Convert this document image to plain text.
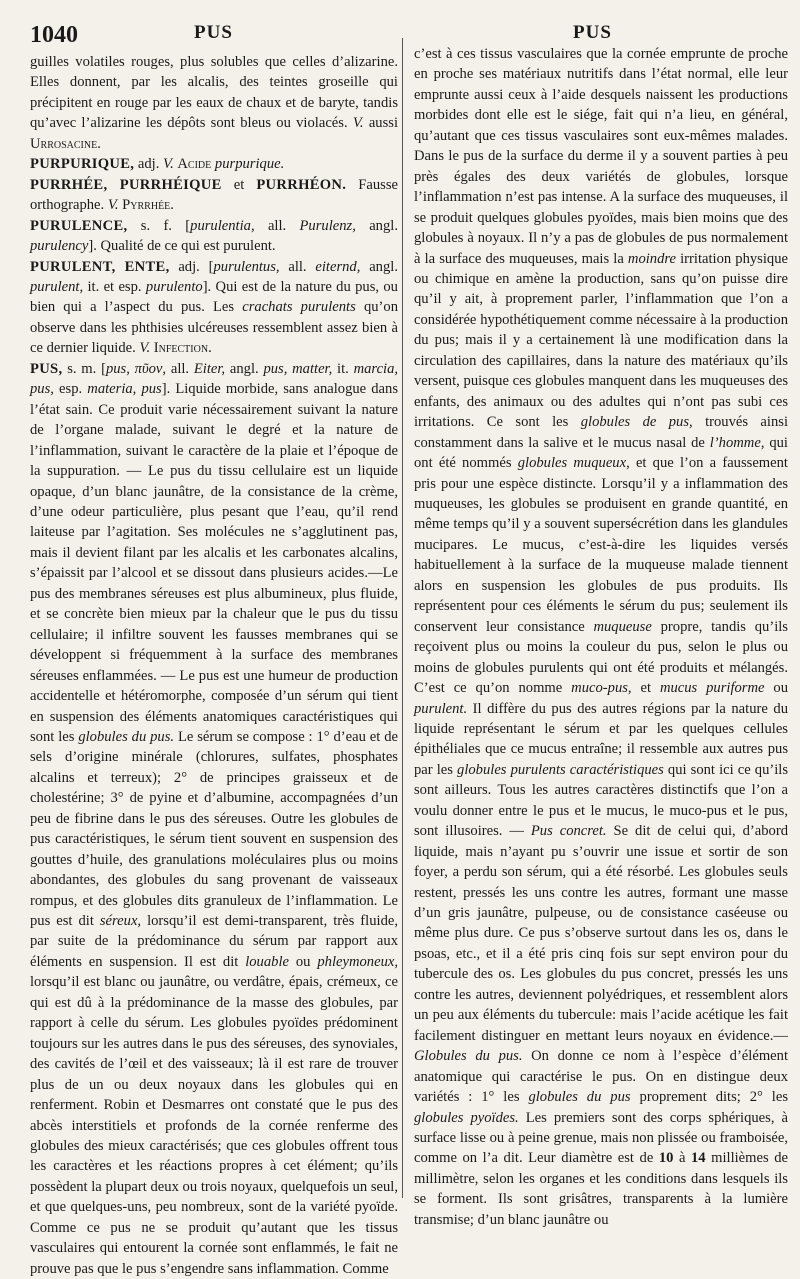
1040	PUS	PUS

guilles volatiles rouges, plus solubles que celles d’alizarine. Elles donnent, par les alcalis, des teintes groseille qui précipitent en rouge par les eaux de chaux et de baryte, tandis qu’avec l’alizarine les dépôts sont bleus ou violacés. V. aussi Urrosacine.

PURPURIQUE, adj. V. Acide purpurique.

PURRHÉE, PURRHÉIQUE et PURRHÉON. Fausse orthographe. V. Pyrrhée.

PURULENCE, s. f. [purulentia, all. Purulenz, angl. purulency]. Qualité de ce qui est purulent.

PURULENT, ENTE, adj. [purulentus, all. eiternd, angl. purulent, it. et esp. purulento]. Qui est de la nature du pus, ou bien qui a l’aspect du pus. Les crachats purulents qu’on observe dans les phthisies ulcéreuses ressemblent assez bien à ce dernier liquide. V. Infection.

PUS, s. m. [pus, πῦον, all. Eiter, angl. pus, matter, it. marcia, pus, esp. materia, pus]. Liquide morbide, sans analogue dans l’état sain. Ce produit varie nécessairement suivant la nature de l’organe malade, suivant le degré et la nature de l’inflammation, suivant le caractère de la plaie et l’époque de la suppuration. — Le pus du tissu cellulaire est un liquide opaque, d’un blanc jaunâtre, de la consistance de la crème, d’une odeur particulière, plus pesant que l’eau, qu’il rend laiteuse par l’agitation. Ses molécules ne s’agglutinent pas, mais il devient filant par les alcalis et les carbonates alcalins, s’épaissit par l’alcool et se dissout dans plusieurs acides.—Le pus des membranes séreuses est plus albumineux, plus fluide, et se concrète bien mieux par la chaleur que le pus du tissu cellulaire; il infiltre souvent les fausses membranes qui se développent si fréquemment à la surface des membranes séreuses enflammées. — Le pus est une humeur de production accidentelle et hétéromorphe, composée d’un sérum qui tient en suspension des éléments anatomiques caractéristiques qui sont les globules du pus. Le sérum se compose : 1° d’eau et de sels d’origine minérale (chlorures, sulfates, phosphates alcalins et terreux); 2° de principes graisseux et de cholestérine; 3° de pyine et d’albumine, accompagnées d’un peu de fibrine dans le pus des séreuses. Outre les globules de pus caractéristiques, le sérum tient souvent en suspension des gouttes d’huile, des granulations moléculaires plus ou moins abondantes, des globules du sang provenant de vaisseaux rompus, et des globules dits granuleux de l’inflammation. Le pus est dit séreux, lorsqu’il est demi-transparent, très fluide, par suite de la prédominance du sérum par rapport aux éléments en suspension. Il est dit louable ou phleymoneux, lorsqu’il est blanc ou jaunâtre, ou verdâtre, épais, crémeux, ce qui est dû à la prédominance de la masse des globules, par rapport à celle du sérum. Les globules pyoïdes prédominent toujours sur les autres dans le pus des séreuses, des synoviales, des cavités de l’œil et des vaisseaux; là il est rare de trouver plus de un ou deux noyaux dans les globules qui en renferment. Robin et Desmarres ont constaté que le pus des abcès interstitiels et profonds de la cornée renferme des globules des mieux caractérisés; que ces globules offrent tous les caractères et les réactions propres à cet élément; qu’ils possèdent la plupart deux ou trois noyaux, quelquefois un seul, et que quelques-uns, peu nombreux, sont de la variété pyoïde. Comme ce pus ne se produit qu’autant que les tissus vasculaires qui entourent la cornée sont enflammés, le fait ne prouve pas que le pus s’engendre sans inflammation. Comme

c’est à ces tissus vasculaires que la cornée emprunte de proche en proche ses matériaux nutritifs dans l’état normal, elle leur emprunte aussi ceux à l’aide desquels naissent les productions morbides dont elle est le siége, fait qui n’a lieu, en général, qu’autant que ces tissus vasculaires sont eux-mêmes malades. Dans le pus de la surface du derme il y a souvent parties à peu près égales des deux variétés de globules, lorsque l’inflammation n’est pas intense. A la surface des muqueuses, il se produit quelques globules pyoïdes, mais bien moins que des globules à noyaux. Il n’y a pas de globules de pus normalement à la surface des muqueuses, mais la moindre irritation physique ou chimique en amène la production, sans qu’on puisse dire qu’il y ait, à proprement parler, l’inflammation que l’on a considérée hypothétiquement comme nécessaire à la production du pus; mais il y a certainement là une modification dans la circulation des capillaires, dans la nature des matériaux qu’ils versent, puisque ces globules manquent dans les muqueuses des enfants, des animaux ou des adultes qui n’ont pas subi ces irritations. Ce sont les globules de pus, trouvés ainsi constamment dans la salive et le mucus nasal de l’homme, qui ont été nommés globules muqueux, et que l’on a faussement pris pour une espèce distincte. Lorsqu’il y a inflammation des muqueuses, les globules se produisent en grande quantité, en même temps qu’il y a souvent supersécrétion dans les glandules mucipares. Le mucus, c’est-à-dire les liquides versés habituellement à la surface de la muqueuse malade tiennent alors en suspension les globules de pus produits. Ils représentent pour ces éléments le sérum du pus; seulement ils conservent leur consistance muqueuse propre, tandis qu’ils reçoivent plus ou moins la couleur du pus, selon le plus ou moins de globules purulents qui ont été produits et mélangés. C’est ce qu’on nomme muco-pus, et mucus puriforme ou purulent. Il diffère du pus des autres régions par la nature du liquide représentant le sérum et par les quelques cellules épithéliales que ce mucus entraîne; il ressemble aux autres pus par les globules purulents caractéristiques qui sont ici ce qu’ils sont ailleurs. Tous les autres caractères distinctifs que l’on a voulu donner entre le pus et le mucus, le muco-pus et le pus, sont illusoires. — Pus concret. Se dit de celui qui, d’abord liquide, mais n’ayant pu s’ouvrir une issue et sortir de son foyer, a perdu son sérum, qui a été résorbé. Les globules seuls restent, pressés les uns contre les autres, formant une masse d’un gris jaunâtre, pulpeuse, ou de consistance caséeuse ou même plus dure. Ce pus s’observe surtout dans les os, dans le psoas, etc., et il a été pris cinq fois sur sept environ pour du tubercule des os. Les globules du pus concret, pressés les uns contre les autres, deviennent polyédriques, et ressemblent alors un peu aux éléments du tubercule: mais l’acide acétique les fait facilement distinguer en mettant leurs noyaux en évidence.—Globules du pus. On donne ce nom à l’espèce d’élément anatomique qui caractérise le pus. On en distingue deux variétés : 1° les globules du pus proprement dits; 2° les globules pyoïdes. Les premiers sont des corps sphériques, à surface lisse ou à peine grenue, mais non plissée ou framboisée, comme on l’a dit. Leur diamètre est de 10 à 14 millièmes de millimètre, selon les organes et les conditions dans lesquels ils se forment. Ils sont grisâtres, transparents à la lumière transmise; d’un blanc jaunâtre ou
